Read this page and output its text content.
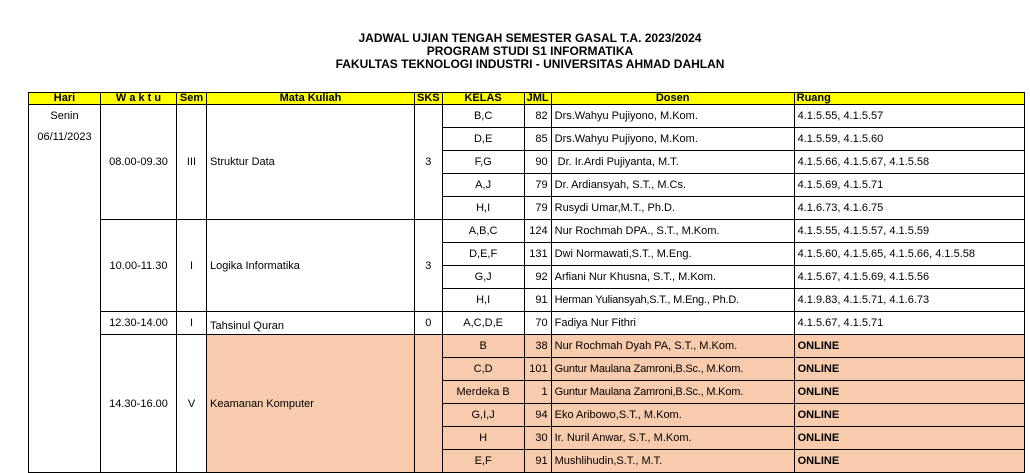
JADWAL UJIAN TENGAH SEMESTER GASAL T.A. 2023/2024
PROGRAM STUDI S1 INFORMATIKA
FAKULTAS TEKNOLOGI INDUSTRI - UNIVERSITAS AHMAD DAHLAN
Hari	W a k t u	Sem	Mata Kuliah	SKS	KELAS	JML	Dosen	Ruang

Senin
06/11/2023	08.00-09.30	III	Struktur Data	3	B,C	82	Drs.Wahyu Pujiyono, M.Kom.	4.1.5.55, 4.1.5.57
					D,E	85	Drs.Wahyu Pujiyono, M.Kom.	4.1.5.59, 4.1.5.60
					F,G	90	Dr. Ir.Ardi Pujiyanta, M.T.	4.1.5.66, 4.1.5.67, 4.1.5.58
					A,J	79	Dr. Ardiansyah, S.T., M.Cs.	4.1.5.69, 4.1.5.71
					H,I	79	Rusydi Umar,M.T., Ph.D.	4.1.6.73, 4.1.6.75
	10.00-11.30	I	Logika Informatika	3	A,B,C	124	Nur Rochmah DPA., S.T., M.Kom.	4.1.5.55, 4.1.5.57, 4.1.5.59
					D,E,F	131	Dwi Normawati,S.T., M.Eng.	4.1.5.60, 4.1.5.65, 4.1.5.66, 4.1.5.58
					G,J	92	Arfiani Nur Khusna, S.T., M.Kom.	4.1.5.67, 4.1.5.69, 4.1.5.56
					H,I	91	Herman Yuliansyah,S.T., M.Eng., Ph.D.	4.1.9.83, 4.1.5.71, 4.1.6.73
	12.30-14.00	I	Tahsinul Quran	0	A,C,D,E	70	Fadiya Nur Fithri	4.1.5.67, 4.1.5.71
	14.30-16.00	V	Keamanan Komputer		B	38	Nur Rochmah Dyah PA, S.T., M.Kom.	ONLINE
					C,D	101	Guntur Maulana Zamroni,B.Sc., M.Kom.	ONLINE
					Merdeka B	1	Guntur Maulana Zamroni,B.Sc., M.Kom.	ONLINE
					G,I,J	94	Eko Aribowo,S.T., M.Kom.	ONLINE
					H	30	Ir. Nuril Anwar, S.T., M.Kom.	ONLINE
					E,F	91	Mushlihudin,S.T., M.T.	ONLINE
